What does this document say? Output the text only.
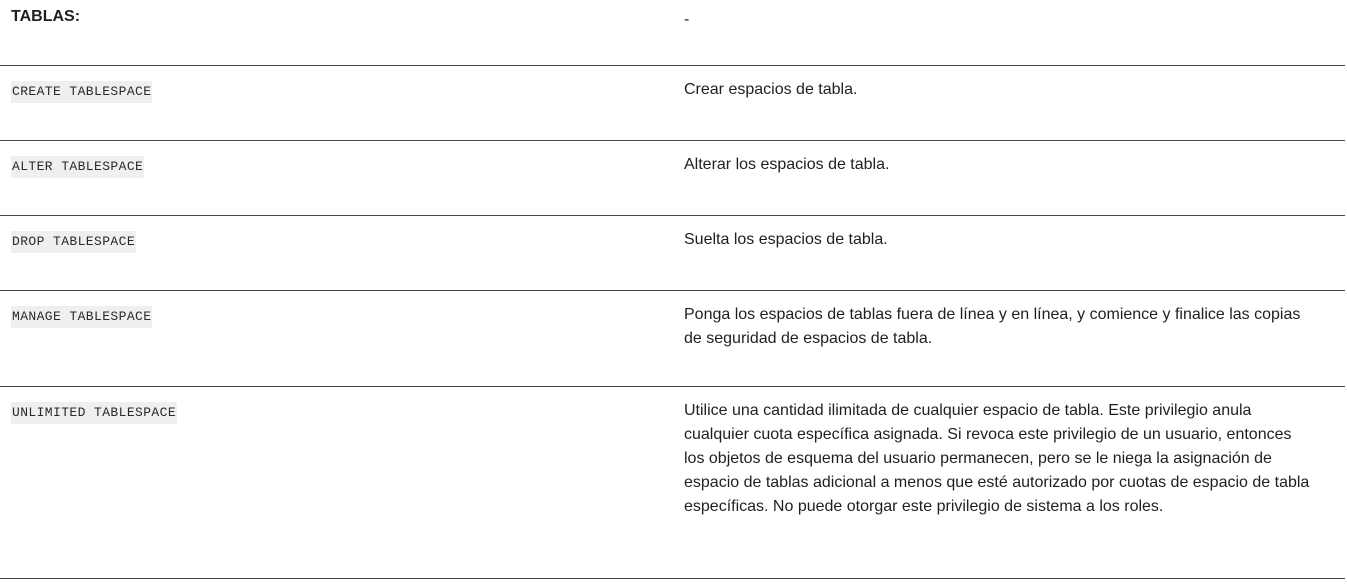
TABLAS:	-
CREATE TABLESPACE	Crear espacios de tabla.
ALTER TABLESPACE	Alterar los espacios de tabla.
DROP TABLESPACE	Suelta los espacios de tabla.
MANAGE TABLESPACE	Ponga los espacios de tablas fuera de línea y en línea, y comience y finalice las copias de seguridad de espacios de tabla.
UNLIMITED TABLESPACE	Utilice una cantidad ilimitada de cualquier espacio de tabla. Este privilegio anula cualquier cuota específica asignada. Si revoca este privilegio de un usuario, entonces los objetos de esquema del usuario permanecen, pero se le niega la asignación de espacio de tablas adicional a menos que esté autorizado por cuotas de espacio de tabla específicas. No puede otorgar este privilegio de sistema a los roles.
